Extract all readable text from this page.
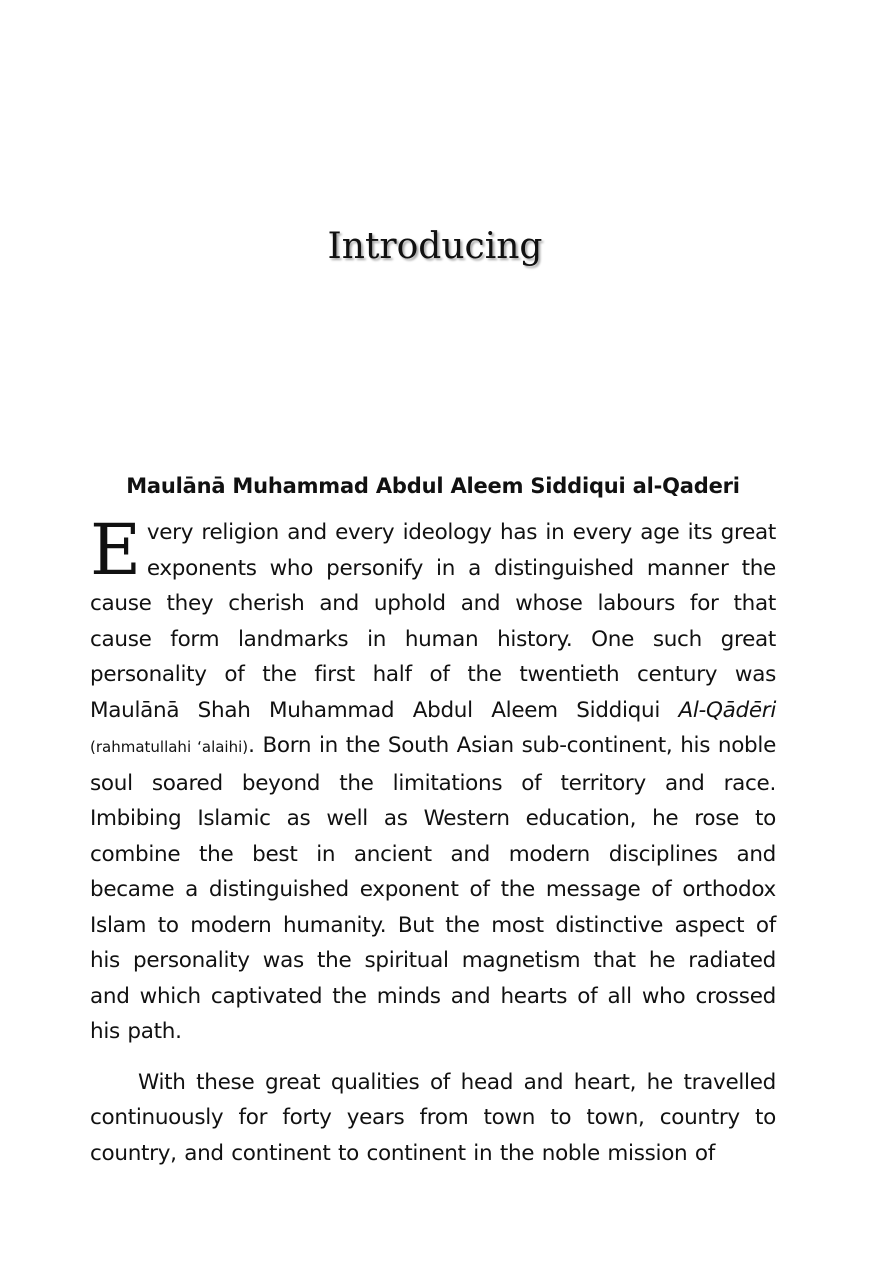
Introducing
Maulānā Muhammad Abdul Aleem Siddiqui al-Qaderi

Every religion and every ideology has in every age its great exponents who personify in a distinguished manner the cause they cherish and uphold and whose labours for that cause form landmarks in human history. One such great personality of the first half of the twentieth century was Maulānā Shah Muhammad Abdul Aleem Siddiqui Al-Qādēri (rahmatullahi ‘alaihi). Born in the South Asian sub-continent, his noble soul soared beyond the limitations of territory and race. Imbibing Islamic as well as Western education, he rose to combine the best in ancient and modern disciplines and became a distinguished exponent of the message of orthodox Islam to modern humanity. But the most distinctive aspect of his personality was the spiritual magnetism that he radiated and which captivated the minds and hearts of all who crossed his path.

With these great qualities of head and heart, he travelled continuously for forty years from town to town, country to country, and continent to continent in the noble mission of
